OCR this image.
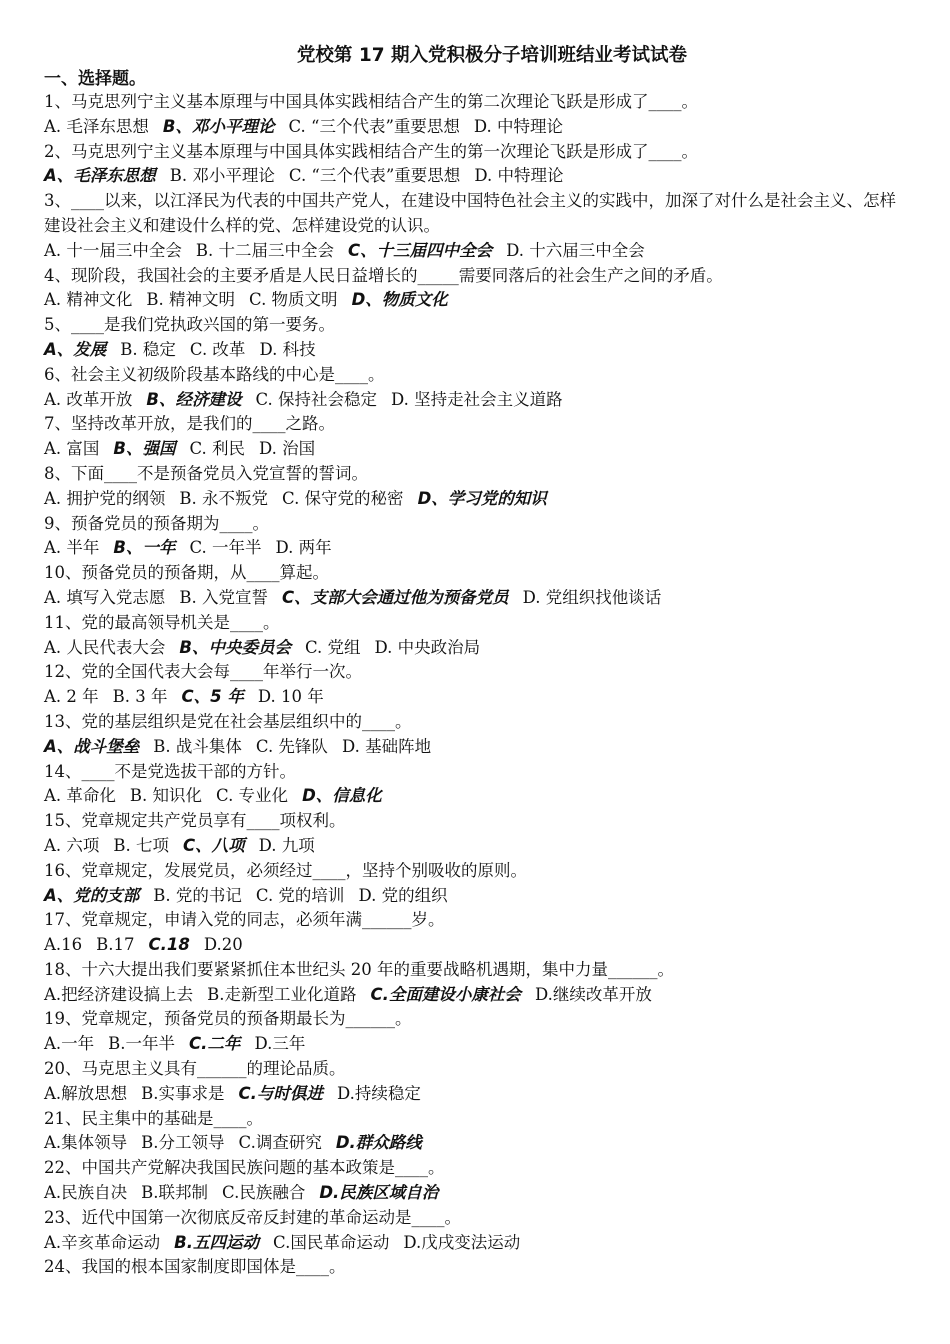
党校第 17 期入党积极分子培训班结业考试试卷
一、选择题。
1、马克思列宁主义基本原理与中国具体实践相结合产生的第二次理论飞跃是形成了____。
A. 毛泽东思想 B、邓小平理论 C. “三个代表”重要思想 D. 中特理论
2、马克思列宁主义基本原理与中国具体实践相结合产生的第一次理论飞跃是形成了____。
A、毛泽东思想 B. 邓小平理论 C. “三个代表”重要思想 D. 中特理论
3、____以来，以江泽民为代表的中国共产党人，在建设中国特色社会主义的实践中，加深了对什么是社会主义、怎样建设社会主义和建设什么样的党、怎样建设党的认识。
A. 十一届三中全会 B. 十二届三中全会 C、十三届四中全会 D. 十六届三中全会
4、现阶段，我国社会的主要矛盾是人民日益增长的_____需要同落后的社会生产之间的矛盾。
A. 精神文化 B. 精神文明 C. 物质文明 D、物质文化
5、____是我们党执政兴国的第一要务。
A、发展 B. 稳定 C. 改革 D. 科技
6、社会主义初级阶段基本路线的中心是____。
A. 改革开放 B、经济建设 C. 保持社会稳定 D. 坚持走社会主义道路
7、坚持改革开放，是我们的____之路。
A. 富国 B、强国 C. 利民 D. 治国
8、下面____不是预备党员入党宣誓的誓词。
A. 拥护党的纲领 B. 永不叛党 C. 保守党的秘密 D、学习党的知识
9、预备党员的预备期为____。
A. 半年 B、一年 C. 一年半 D. 两年
10、预备党员的预备期，从____算起。
A. 填写入党志愿 B. 入党宣誓 C、支部大会通过他为预备党员 D. 党组织找他谈话
11、党的最高领导机关是____。
A. 人民代表大会 B、中央委员会 C. 党组 D. 中央政治局
12、党的全国代表大会每____年举行一次。
A. 2 年 B. 3 年 C、5 年 D. 10 年
13、党的基层组织是党在社会基层组织中的____。
A、战斗堡垒 B. 战斗集体 C. 先锋队 D. 基础阵地
14、____不是党选拔干部的方针。
A. 革命化 B. 知识化 C. 专业化 D、信息化
15、党章规定共产党员享有____项权利。
A. 六项 B. 七项 C、八项 D. 九项
16、党章规定，发展党员，必须经过____，坚持个别吸收的原则。
A、党的支部 B. 党的书记 C. 党的培训 D. 党的组织
17、党章规定，申请入党的同志，必须年满______岁。
A.16 B.17 C.18 D.20
18、十六大提出我们要紧紧抓住本世纪头 20 年的重要战略机遇期，集中力量______。
A.把经济建设搞上去 B.走新型工业化道路 C.全面建设小康社会 D.继续改革开放
19、党章规定，预备党员的预备期最长为______。
A.一年 B.一年半 C.二年 D.三年
20、马克思主义具有______的理论品质。
A.解放思想 B.实事求是 C.与时俱进 D.持续稳定
21、民主集中的基础是____。
A.集体领导 B.分工领导 C.调查研究 D.群众路线
22、中国共产党解决我国民族问题的基本政策是____。
A.民族自决 B.联邦制 C.民族融合 D.民族区域自治
23、近代中国第一次彻底反帝反封建的革命运动是____。
A.辛亥革命运动 B.五四运动 C.国民革命运动 D.戊戌变法运动
24、我国的根本国家制度即国体是____。
